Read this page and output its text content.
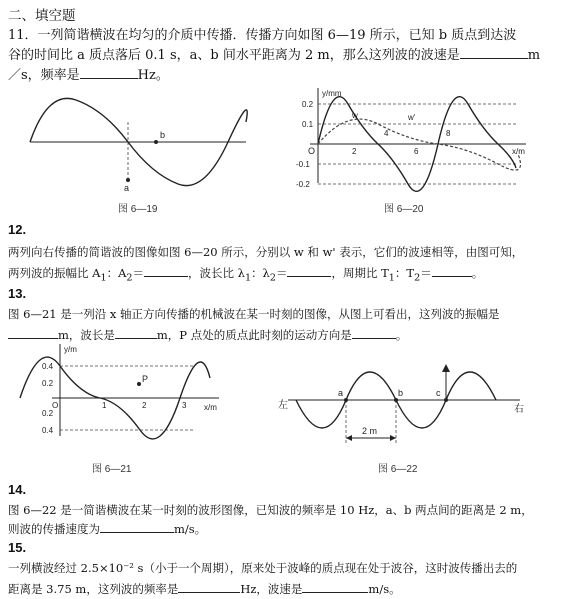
二、填空题
11．一列简谐横波在均匀的介质中传播．传播方向如图 6—19 所示，已知 b 质点到达波
谷的时间比 a 质点落后 0.1 s，a、b 间水平距离为 2 m，那么这列波的波速是	m
／s，频率是	Hz。
a
b
图 6—19
y/mm
x/m
O
0.2
0.1
-0.1
-0.2
2
4
6
8
w	w'
图 6—20
12.
两列向右传播的简谐波的图像如图 6—20 所示，分别以 w 和 w' 表示，它们的波速相等，由图可知，
两列波的振幅比 $A_1$：$A_2=$	，波长比 $\lambda_1$：$\lambda_2=$	，周期比 $T_1$：$T_2=$	。
13.
图 6—21 是一列沿 x 轴正方向传播的机械波在某一时刻的图像，从图上可看出，这列波的振幅是
m，波长是	m，P 点处的质点此时刻的运动方向是	。
P
y/m
x/m
O
0.4
0.2
0.2
0.4
1	2	3
图 6—21
左	右
a	b	c
2 m
图 6—22
14.
图 6—22 是一简谐横波在某一时刻的波形图像，已知波的频率是 10 Hz，a、b 两点间的距离是 2 m，
则波的传播速度为	m/s。
15.
一列横波经过 2.5×10⁻² s（小于一个周期），原来处于波峰的质点现在处于波谷，这时波传播出去的
距离是 3.75 m，这列波的频率是	Hz，波速是	m/s。
